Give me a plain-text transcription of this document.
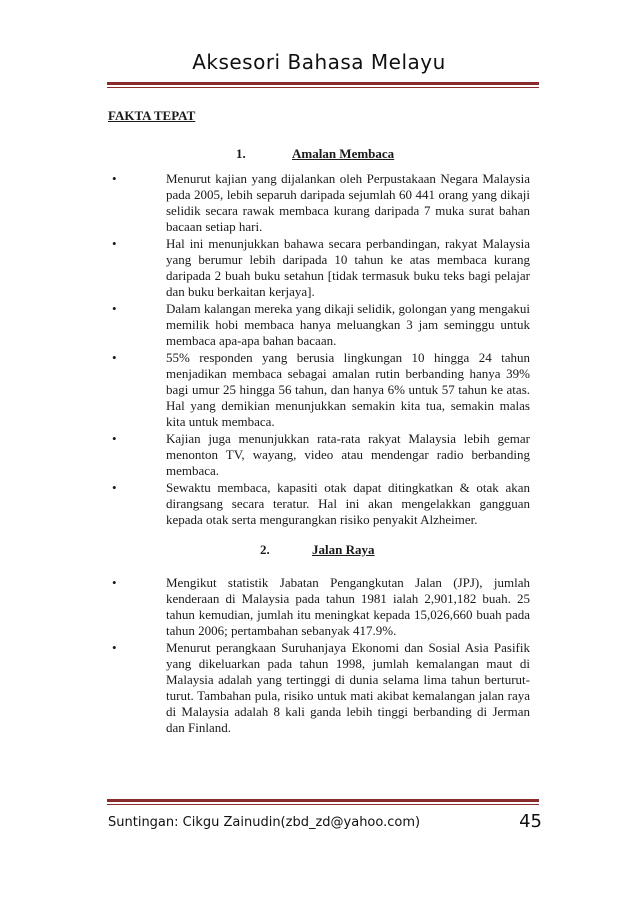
Aksesori Bahasa Melayu
FAKTA TEPAT
1.	Amalan Membaca
•	Menurut kajian yang dijalankan oleh Perpustakaan Negara Malaysia pada 2005, lebih separuh daripada sejumlah 60 441 orang yang dikaji selidik secara rawak membaca kurang daripada 7 muka surat bahan bacaan setiap hari.
•	Hal ini menunjukkan bahawa secara perbandingan, rakyat Malaysia yang berumur lebih daripada 10 tahun ke atas membaca kurang daripada 2 buah buku setahun [tidak termasuk buku teks bagi pelajar dan buku berkaitan kerjaya].
•	Dalam kalangan mereka yang dikaji selidik, golongan yang mengakui memilik hobi membaca hanya meluangkan 3 jam seminggu untuk membaca apa-apa bahan bacaan.
•	55% responden yang berusia lingkungan 10 hingga 24 tahun menjadikan membaca sebagai amalan rutin berbanding hanya 39% bagi umur 25 hingga 56 tahun, dan hanya 6% untuk 57 tahun ke atas. Hal yang demikian menunjukkan semakin kita tua, semakin malas kita untuk membaca.
•	Kajian juga menunjukkan rata-rata rakyat Malaysia lebih gemar menonton TV, wayang, video atau mendengar radio berbanding membaca.
•	Sewaktu membaca, kapasiti otak dapat ditingkatkan & otak akan dirangsang secara teratur. Hal ini akan mengelakkan gangguan kepada otak serta mengurangkan risiko penyakit Alzheimer.
2.	Jalan Raya
•	Mengikut statistik Jabatan Pengangkutan Jalan (JPJ), jumlah kenderaan di Malaysia pada tahun 1981 ialah 2,901,182 buah. 25 tahun kemudian, jumlah itu meningkat kepada 15,026,660 buah pada tahun 2006; pertambahan sebanyak 417.9%.
•	Menurut perangkaan Suruhanjaya Ekonomi dan Sosial Asia Pasifik yang dikeluarkan pada tahun 1998, jumlah kemalangan maut di Malaysia adalah yang tertinggi di dunia selama lima tahun berturut-turut. Tambahan pula, risiko untuk mati akibat kemalangan jalan raya di Malaysia adalah 8 kali ganda lebih tinggi berbanding di Jerman dan Finland.
Suntingan: Cikgu Zainudin(zbd_zd@yahoo.com)	45
